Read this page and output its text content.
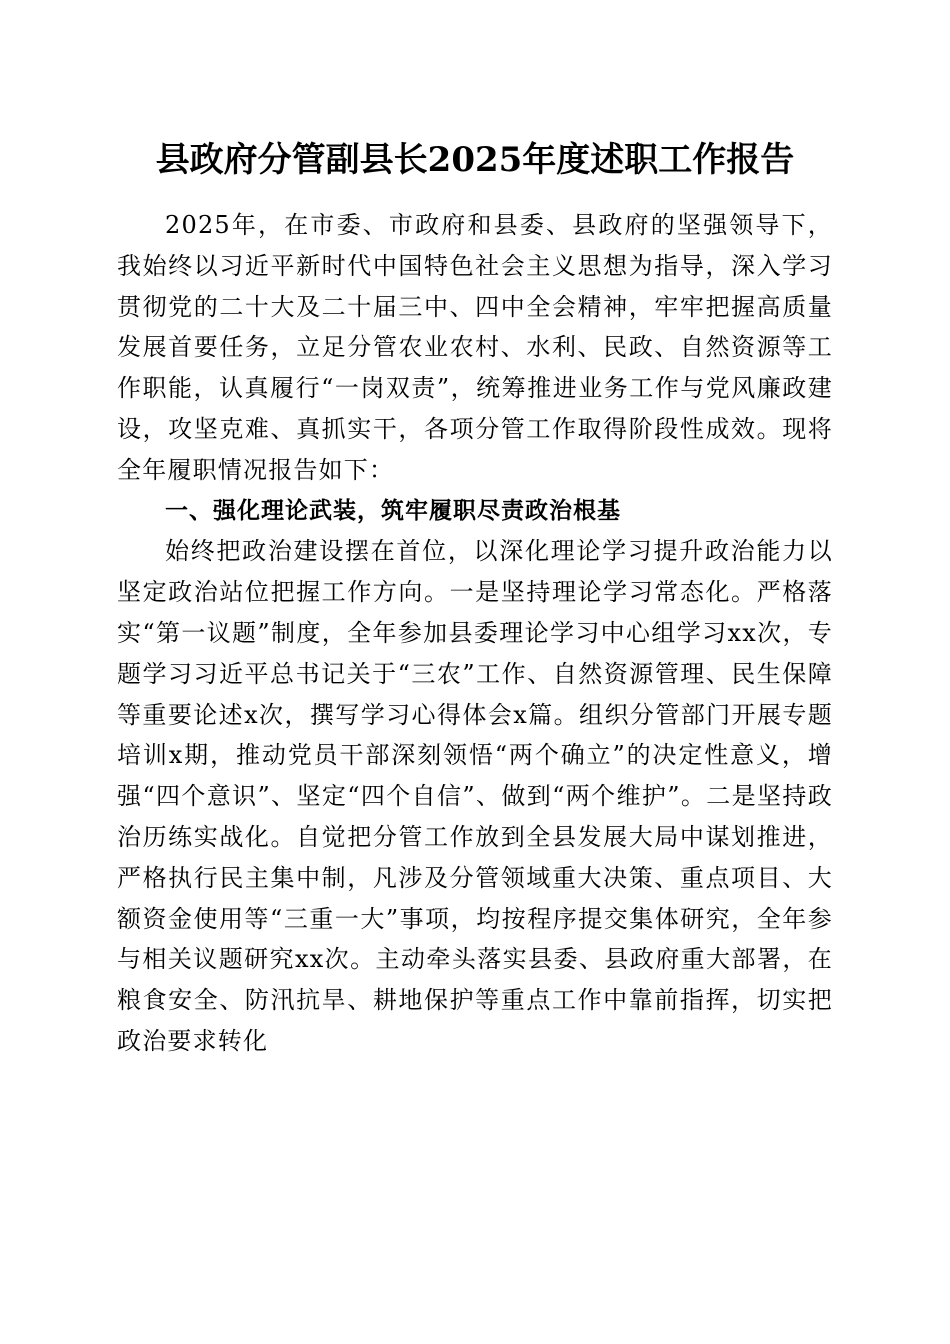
县政府分管副县长2025年度述职工作报告

2025年，在市委、市政府和县委、县政府的坚强领导下，我始终以习近平新时代中国特色社会主义思想为指导，深入学习贯彻党的二十大及二十届三中、四中全会精神，牢牢把握高质量发展首要任务，立足分管农业农村、水利、民政、自然资源等工作职能，认真履行“一岗双责”，统筹推进业务工作与党风廉政建设，攻坚克难、真抓实干，各项分管工作取得阶段性成效。现将全年履职情况报告如下：

一、强化理论武装，筑牢履职尽责政治根基

始终把政治建设摆在首位，以深化理论学习提升政治能力以坚定政治站位把握工作方向。一是坚持理论学习常态化。严格落实“第一议题”制度，全年参加县委理论学习中心组学习xx次，专题学习习近平总书记关于“三农”工作、自然资源管理、民生保障等重要论述x次，撰写学习心得体会x篇。组织分管部门开展专题培训x期，推动党员干部深刻领悟“两个确立”的决定性意义，增强“四个意识”、坚定“四个自信”、做到“两个维护”。二是坚持政治历练实战化。自觉把分管工作放到全县发展大局中谋划推进，严格执行民主集中制，凡涉及分管领域重大决策、重点项目、大额资金使用等“三重一大”事项，均按程序提交集体研究，全年参与相关议题研究xx次。主动牵头落实县委、县政府重大部署，在粮食安全、防汛抗旱、耕地保护等重点工作中靠前指挥，切实把政治要求转化
